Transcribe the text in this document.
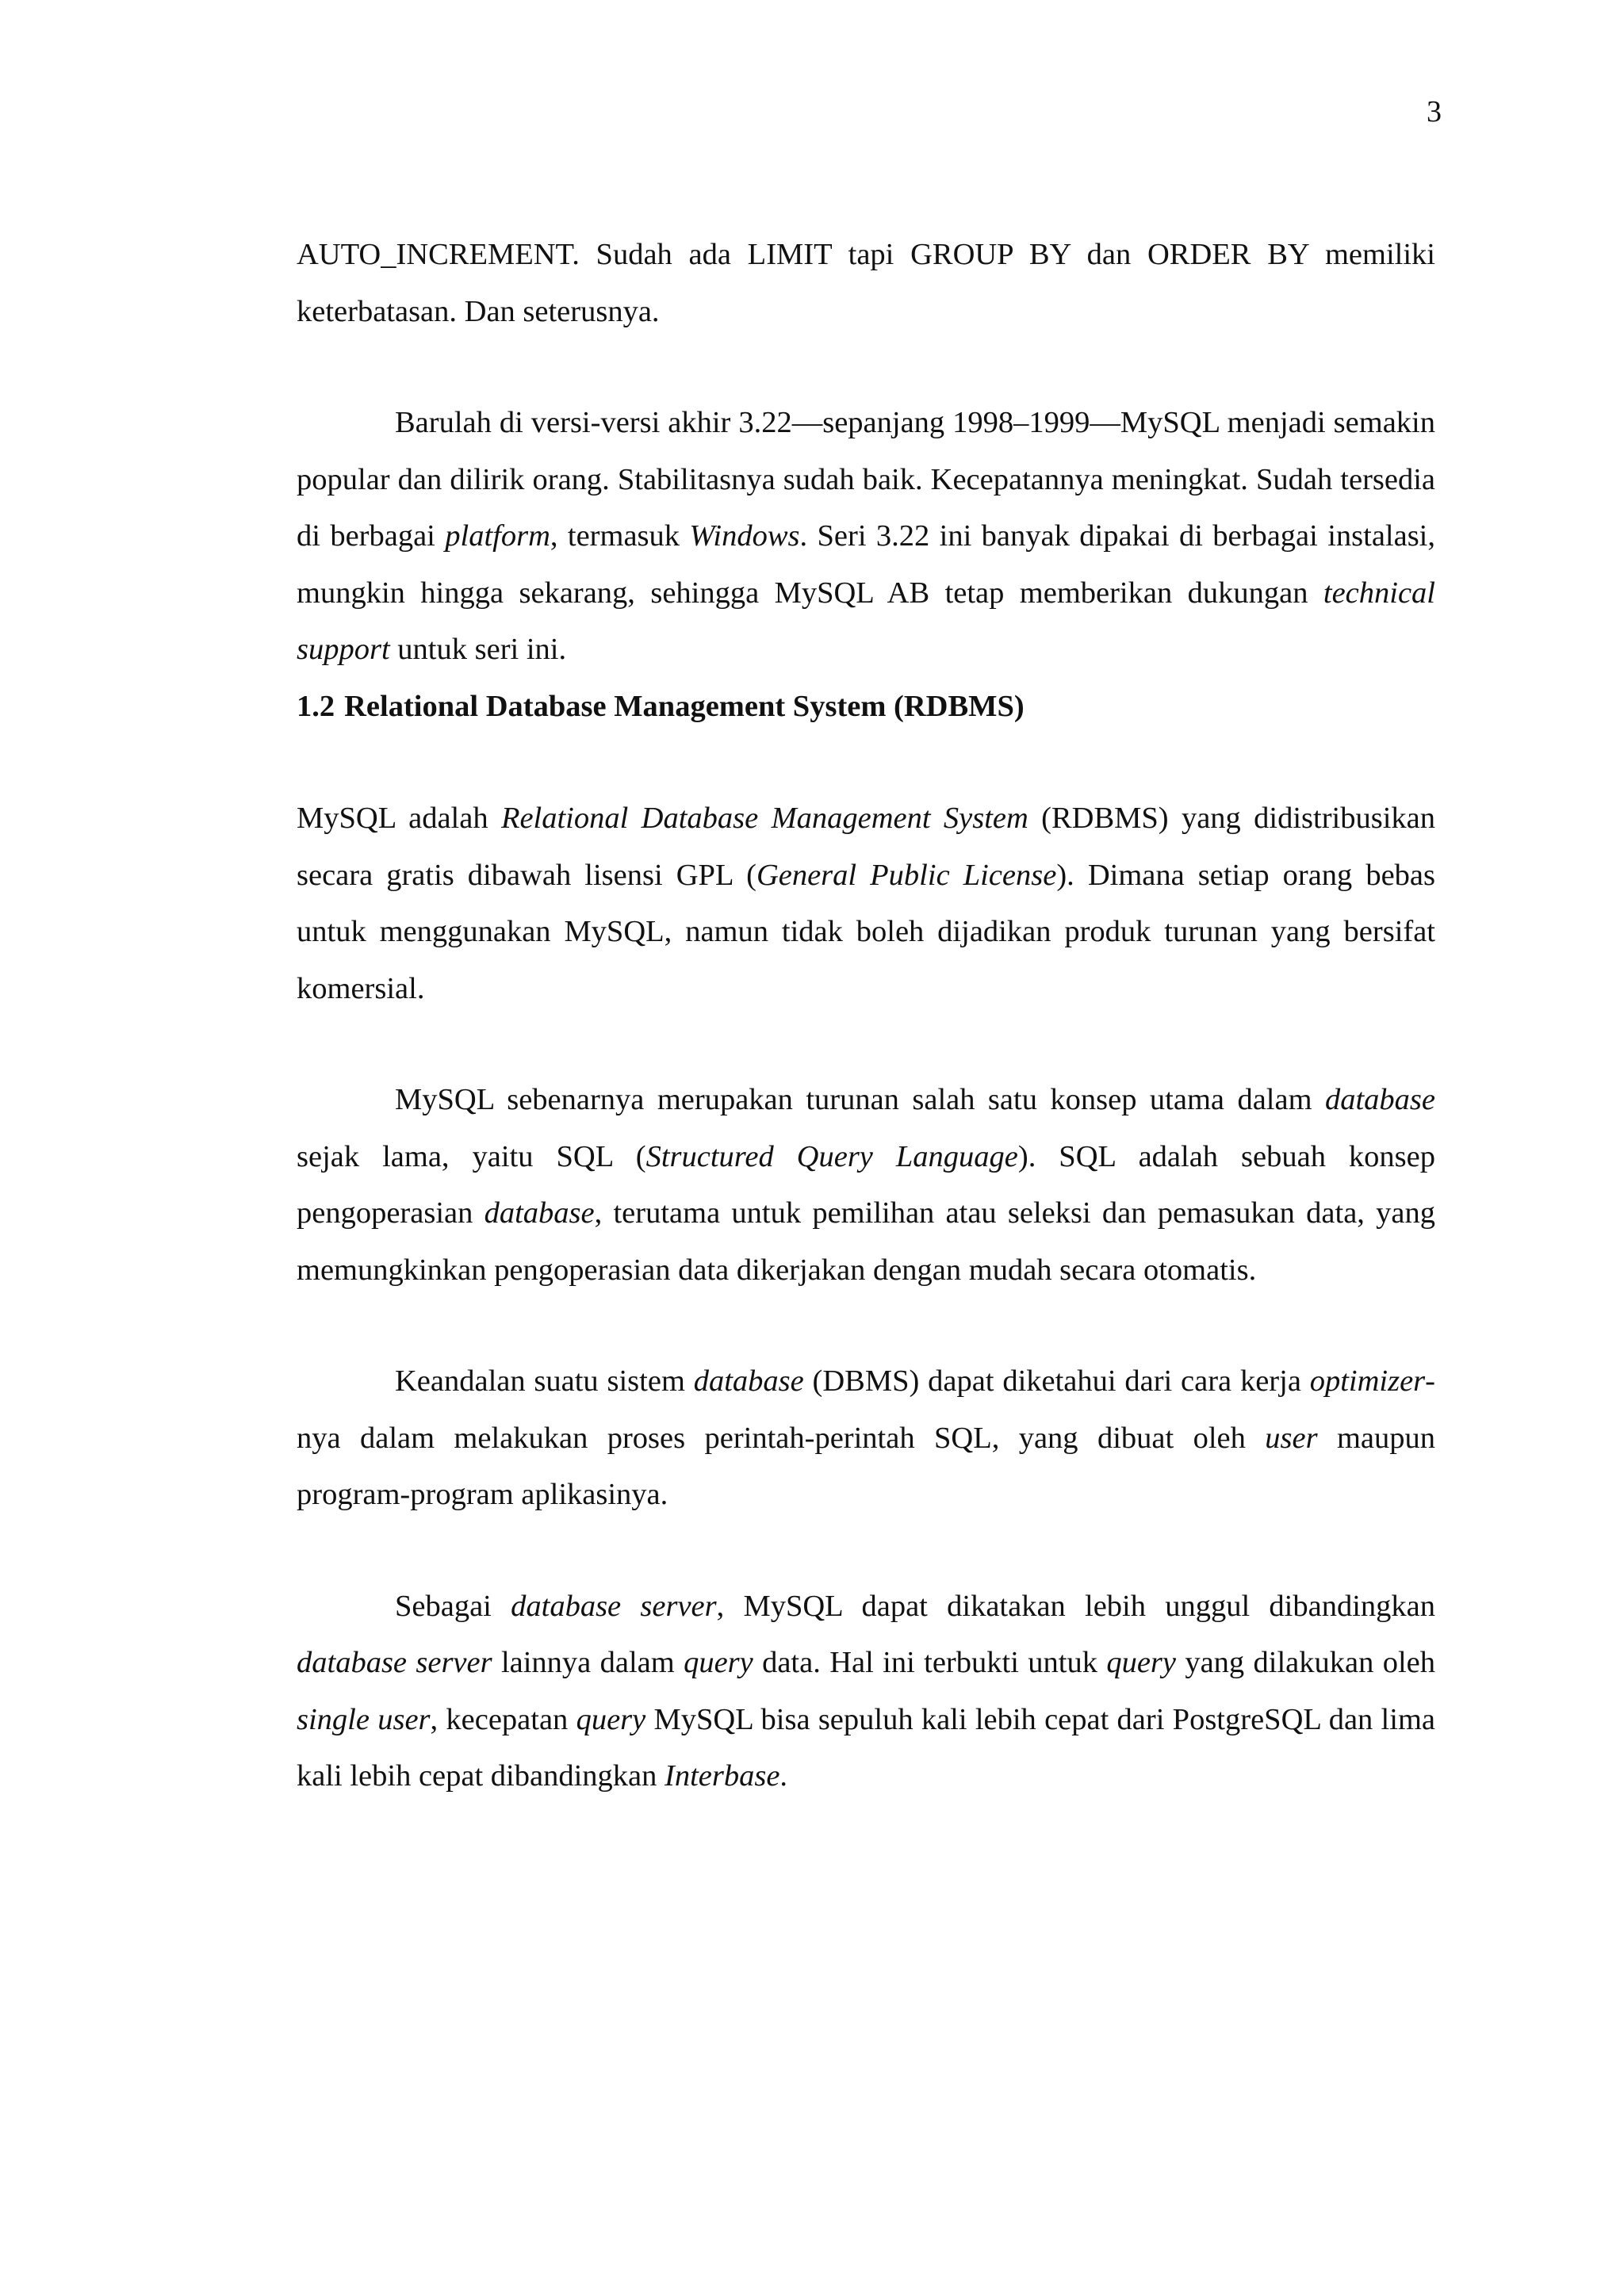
3

AUTO_INCREMENT. Sudah ada LIMIT tapi GROUP BY dan ORDER BY memiliki keterbatasan. Dan seterusnya.

Barulah di versi-versi akhir 3.22—sepanjang 1998–1999—MySQL menjadi semakin popular dan dilirik orang. Stabilitasnya sudah baik. Kecepatannya meningkat. Sudah tersedia di berbagai platform, termasuk Windows. Seri 3.22 ini banyak dipakai di berbagai instalasi, mungkin hingga sekarang, sehingga MySQL AB tetap memberikan dukungan technical support untuk seri ini.

1.2 Relational Database Management System (RDBMS)

MySQL adalah Relational Database Management System (RDBMS) yang didistribusikan secara gratis dibawah lisensi GPL (General Public License). Dimana setiap orang bebas untuk menggunakan MySQL, namun tidak boleh dijadikan produk turunan yang bersifat komersial.

MySQL sebenarnya merupakan turunan salah satu konsep utama dalam database sejak lama, yaitu SQL (Structured Query Language). SQL adalah sebuah konsep pengoperasian database, terutama untuk pemilihan atau seleksi dan pemasukan data, yang memungkinkan pengoperasian data dikerjakan dengan mudah secara otomatis.

Keandalan suatu sistem database (DBMS) dapat diketahui dari cara kerja optimizer-nya dalam melakukan proses perintah-perintah SQL, yang dibuat oleh user maupun program-program aplikasinya.

Sebagai database server, MySQL dapat dikatakan lebih unggul dibandingkan database server lainnya dalam query data. Hal ini terbukti untuk query yang dilakukan oleh single user, kecepatan query MySQL bisa sepuluh kali lebih cepat dari PostgreSQL dan lima kali lebih cepat dibandingkan Interbase.
